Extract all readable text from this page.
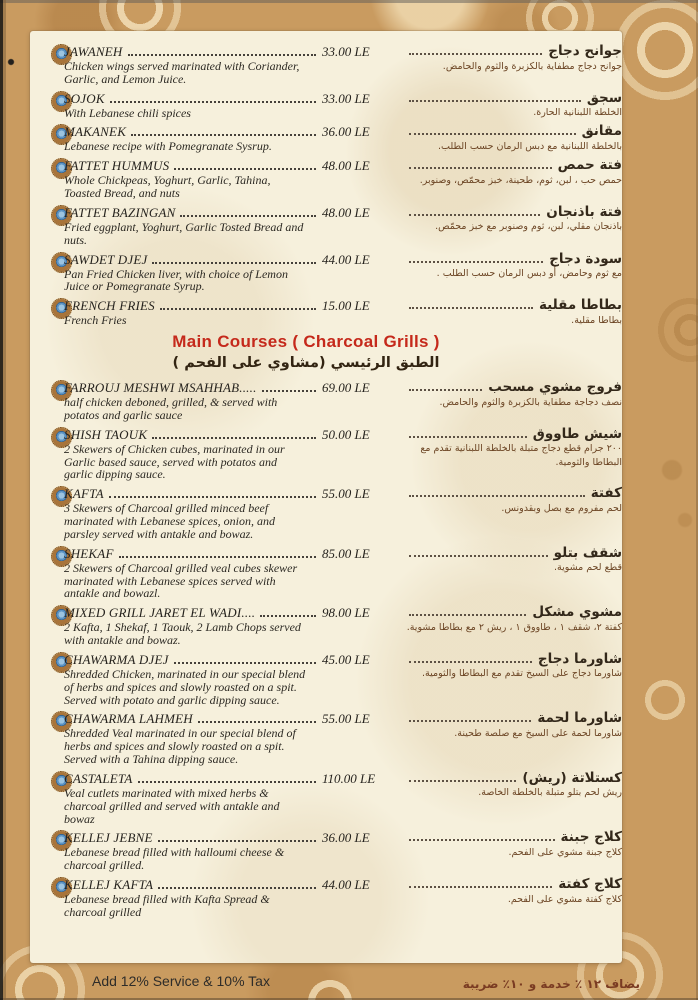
JAWANEH
Chicken wings served marinated with Coriander, Garlic, and Lemon Juice.
33.00 LE	جوانح دجاج
جوانح دجاج مطفاية بالكزبرة والثوم والحامض.
SOJOK
With Lebanese chili spices
33.00 LE	سجق
الخلطة اللبنانية الحارة.
MAKANEK
Lebanese recipe with Pomegranate Sysrup.
36.00 LE	مقانق
بالخلطة اللبنانية مع دبس الرمان حسب الطلب.
FATTET HUMMUS
Whole Chickpeas, Yoghurt, Garlic, Tahina, Toasted Bread, and nuts
48.00 LE	فتة حمص
حمص حب ، لبن، ثوم، طحينة، خبز محمّص، وصنوبر.
FATTET BAZINGAN
Fried eggplant, Yoghurt, Garlic Tosted Bread and nuts.
48.00 LE	فتة باذنجان
باذنجان مقلي، لبن، ثوم وصنوبر مع خبز محمّص.
SAWDET DJEJ
Pan Fried Chicken liver, with choice of Lemon Juice or Pomegranate Syrup.
44.00 LE	سودة دجاج
مع ثوم وحامض، أو دبس الرمان حسب الطلب .
FRENCH FRIES
French Fries
15.00 LE	بطاطا مقلية
بطاطا مقلية.
Main Courses ( Charcoal Grills )
الطبق الرئيسي (مشاوي على الفحم )
FARROUJ MESHWI MSAHHAB.....
half chicken deboned, grilled, & served with potatos and garlic sauce
69.00 LE	فروج مشوي مسحب
نصف دجاجة مطفاية بالكزبرة والثوم والحامض.
SHISH TAOUK
2 Skewers of Chicken cubes, marinated in our Garlic based sauce, served with potatos and garlic dipping sauce.
50.00 LE	شيش طاووق
٢٠٠ جرام قطع دجاج متبلة بالخلطة اللبنانية تقدم مع البطاطا والثومية.
KAFTA
3 Skewers of Charcoal grilled minced beef marinated with Lebanese spices, onion, and parsley served with antakle and bowaz.
55.00 LE	كفتة
لحم مفروم مع بصل وبقدونس.
SHEKAF
2 Skewers of Charcoal grilled veal cubes skewer marinated with Lebanese spices served with antakle and bowazl.
85.00 LE	شقف بتلو
قطع لحم مشوية.
MIXED GRILL JARET EL WADI....
2 Kafta, 1 Shekaf, 1 Taouk, 2 Lamb Chops served with antakle and bowaz.
98.00 LE	مشوي مشكل
كفتة ٢، شقف ١ ، طاووق ١ ، ريش ٢ مع بطاطا مشوية.
CHAWARMA DJEJ
Shredded Chicken, marinated in our special blend of herbs and spices and slowly roasted on a spit. Served with potato and garlic dipping sauce.
45.00 LE	شاورما دجاج
شاورما دجاج على السيخ تقدم مع البطاطا والثومية.
CHAWARMA LAHMEH
Shredded Veal marinated in our special blend of herbs and spices and slowly roasted on a spit. Served with a Tahina dipping sauce.
55.00 LE	شاورما لحمة
شاورما لحمة على السيخ مع صلصة طحينة.
CASTALETA
Veal cutlets marinated with mixed herbs & charcoal grilled and served with antakle and bowaz
110.00 LE	كستلاتة (ريش)
ريش لحم بتلو متبلة بالخلطة الخاصة.
KELLEJ JEBNE
Lebanese bread filled with halloumi cheese & charcoal grilled.
36.00 LE	كلاج جبنة
كلاج جبنة مشوي على الفحم.
KELLEJ KAFTA
Lebanese bread filled with Kafta Spread & charcoal grilled
44.00 LE	كلاج كفتة
كلاج كفتة مشوي على الفحم.
Add 12% Service & 10% Tax	يضاف ١٢ ٪ خدمة و ١٠٪ ضريبة
